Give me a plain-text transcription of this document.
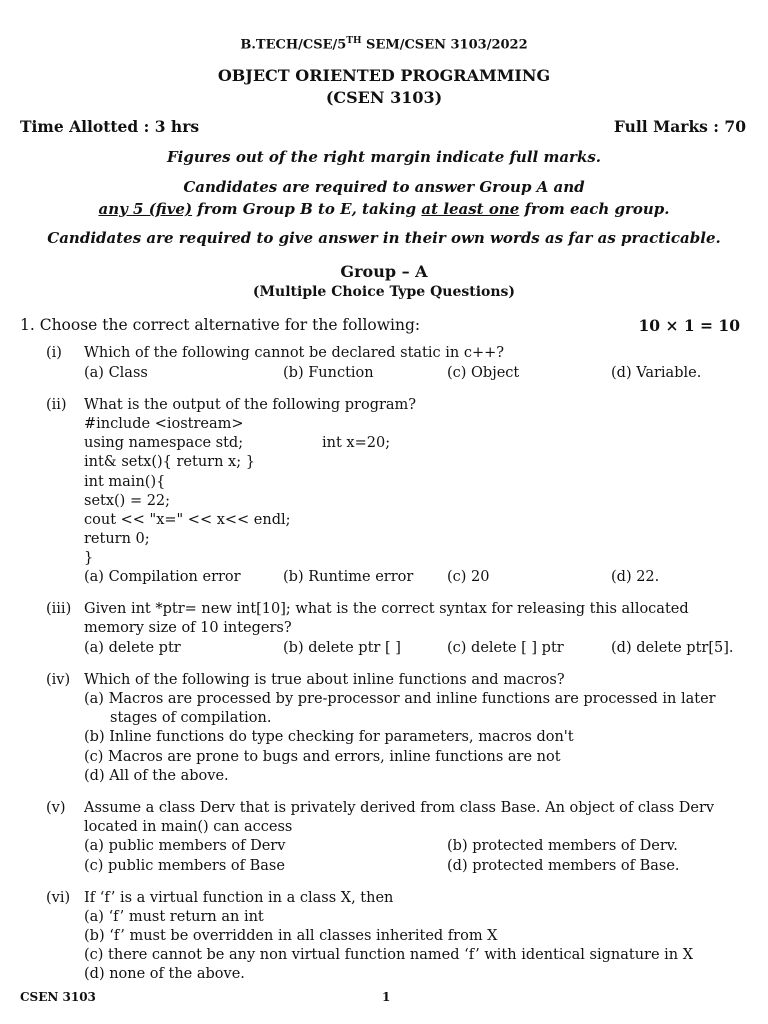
B.TECH/CSE/5TH SEM/CSEN 3103/2022
OBJECT ORIENTED PROGRAMMING
(CSEN 3103)
Time Allotted : 3 hrs	Full Marks : 70
Figures out of the right margin indicate full marks.
Candidates are required to answer Group A and
any 5 (five) from Group B to E, taking at least one from each group.
Candidates are required to give answer in their own words as far as practicable.
Group – A
(Multiple Choice Type Questions)
1. Choose the correct alternative for the following:	10 × 1 = 10
(i) Which of the following cannot be declared static in c++?
(a) Class	(b) Function	(c) Object	(d) Variable.
(ii) What is the output of the following program?
#include <iostream>
using namespace std;	int x=20;
int& setx(){ return x; }
int main(){
setx() = 22;
cout << "x=" << x<< endl;
return 0;
}
(a) Compilation error	(b) Runtime error (c) 20	(d) 22.
(iii) Given int *ptr= new int[10]; what is the correct syntax for releasing this allocated
memory size of 10 integers?
(a) delete ptr	(b) delete ptr [ ]	(c) delete [ ] ptr	(d) delete ptr[5].
(iv) Which of the following is true about inline functions and macros?
(a) Macros are processed by pre-processor and inline functions are processed in later
stages of compilation.
(b) Inline functions do type checking for parameters, macros don't
(c) Macros are prone to bugs and errors, inline functions are not
(d) All of the above.
(v) Assume a class Derv that is privately derived from class Base. An object of class Derv
located in main() can access
(a) public members of Derv	(b) protected members of Derv.
(c) public members of Base	(d) protected members of Base.
(vi) If ‘f’ is a virtual function in a class X, then
(a) ‘f’ must return an int
(b) ‘f’ must be overridden in all classes inherited from X
(c) there cannot be any non virtual function named ‘f’ with identical signature in X
(d) none of the above.
CSEN 3103	1
